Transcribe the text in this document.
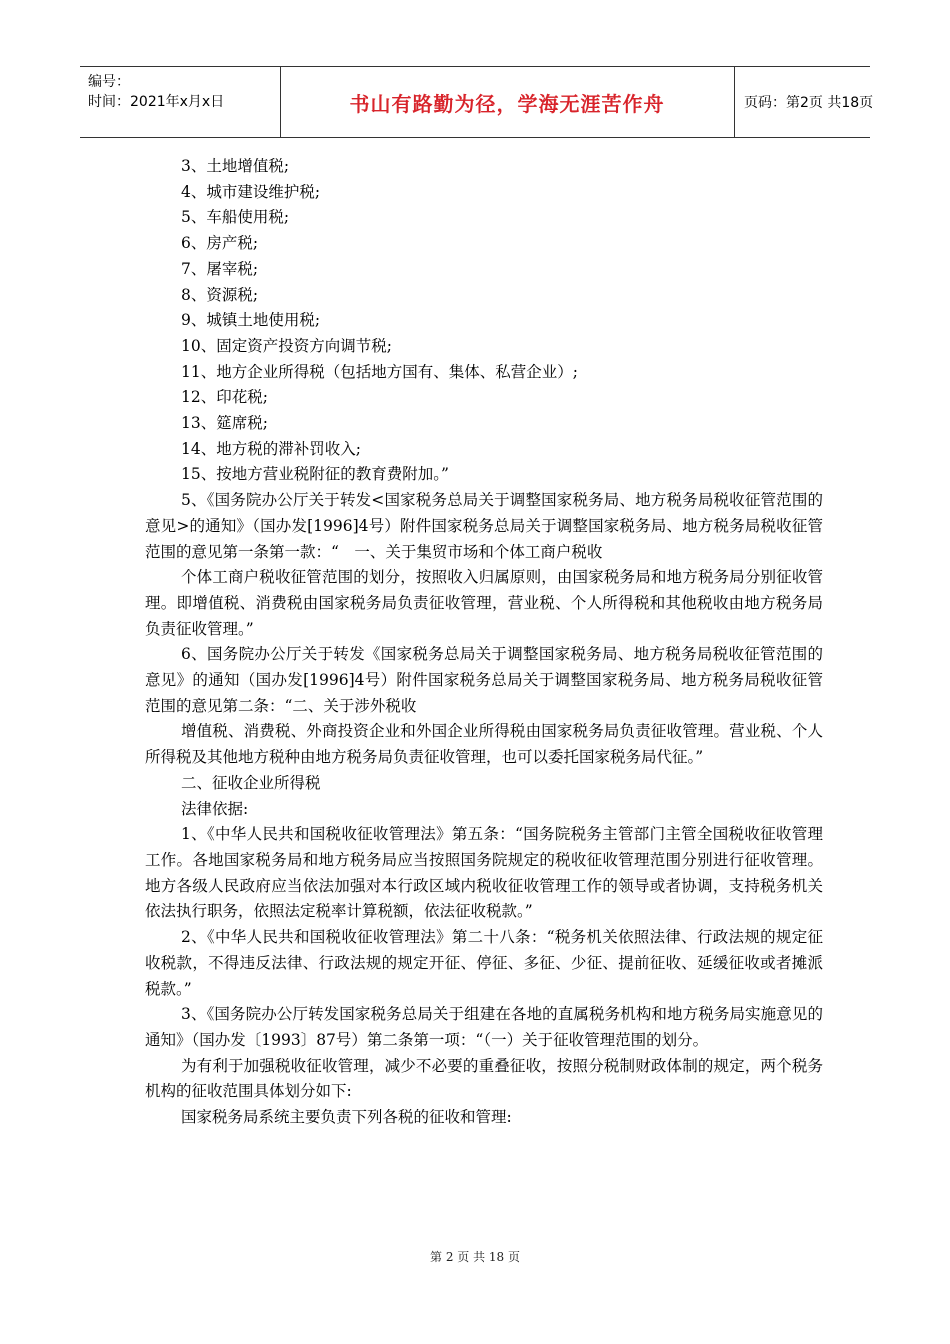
编号：
时间：2021年x月x日	书山有路勤为径，学海无涯苦作舟	页码：第2页 共18页

3、土地增值税;

4、城市建设维护税;

5、车船使用税;

6、房产税;

7、屠宰税;

8、资源税;

9、城镇土地使用税;

10、固定资产投资方向调节税;

11、地方企业所得税（包括地方国有、集体、私营企业）;

12、印花税;

13、筵席税;

14、地方税的滞补罚收入;

15、按地方营业税附征的教育费附加。”

5、《国务院办公厅关于转发<国家税务总局关于调整国家税务局、地方税务局税收征管范围的意见>的通知》（国办发[1996]4号）附件国家税务总局关于调整国家税务局、地方税务局税收征管范围的意见第一条第一款：“　一、关于集贸市场和个体工商户税收

个体工商户税收征管范围的划分，按照收入归属原则，由国家税务局和地方税务局分别征收管理。即增值税、消费税由国家税务局负责征收管理，营业税、个人所得税和其他税收由地方税务局负责征收管理。”

6、国务院办公厅关于转发《国家税务总局关于调整国家税务局、地方税务局税收征管范围的意见》的通知（国办发[1996]4号）附件国家税务总局关于调整国家税务局、地方税务局税收征管范围的意见第二条：“二、关于涉外税收

增值税、消费税、外商投资企业和外国企业所得税由国家税务局负责征收管理。营业税、个人所得税及其他地方税种由地方税务局负责征收管理，也可以委托国家税务局代征。”

二、征收企业所得税

法律依据:

1、《中华人民共和国税收征收管理法》第五条：“国务院税务主管部门主管全国税收征收管理工作。各地国家税务局和地方税务局应当按照国务院规定的税收征收管理范围分别进行征收管理。 地方各级人民政府应当依法加强对本行政区域内税收征收管理工作的领导或者协调，支持税务机关依法执行职务，依照法定税率计算税额，依法征收税款。”

2、《中华人民共和国税收征收管理法》第二十八条：“税务机关依照法律、行政法规的规定征收税款，不得违反法律、行政法规的规定开征、停征、多征、少征、提前征收、延缓征收或者摊派税款。”

3、《国务院办公厅转发国家税务总局关于组建在各地的直属税务机构和地方税务局实施意见的通知》（国办发〔1993〕87号）第二条第一项：“（一）关于征收管理范围的划分。

为有利于加强税收征收管理，减少不必要的重叠征收，按照分税制财政体制的规定，两个税务机构的征收范围具体划分如下:

国家税务局系统主要负责下列各税的征收和管理:

第 2 页 共 18 页
